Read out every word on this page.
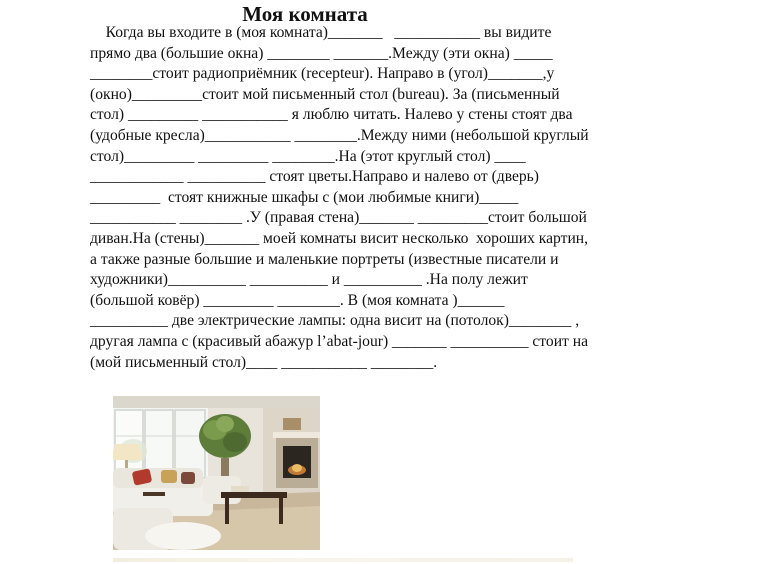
Моя комната
Когда вы входите в (моя комната)_______   ___________ вы видите
прямо два (большие окна) ________ _______.Между (эти окна) _____
________стоит радиоприёмник (recepteur). Направо в (угол)_______,у
(окно)_________стоит мой письменный стол (bureau). За (письменный
стол) _________ ___________ я люблю читать. Налево у стены стоят два
(удобные кресла)___________ ________.Между ними (небольшой круглый
стол)_________ _________ ________.На (этот круглый стол) ____
____________ __________ стоят цветы.Направо и налево от (дверь)
_________  стоят книжные шкафы с (мои любимые книги)_____
___________ ________ .У (правая стена)_______ _________стоит большой
диван.На (стены)_______ моей комнаты висит несколько  хороших картин,
а также разные большие и маленькие портреты (известные писатели и
художники)__________ __________ и __________ .На полу лежит
(большой ковёр) _________ ________. В (моя комната )______
__________ две электрические лампы: одна висит на (потолок)________ ,
другая лампа с (красивый абажур l’abat-jour) _______ __________ стоит на
(мой письменный стол)____ ___________ ________.
